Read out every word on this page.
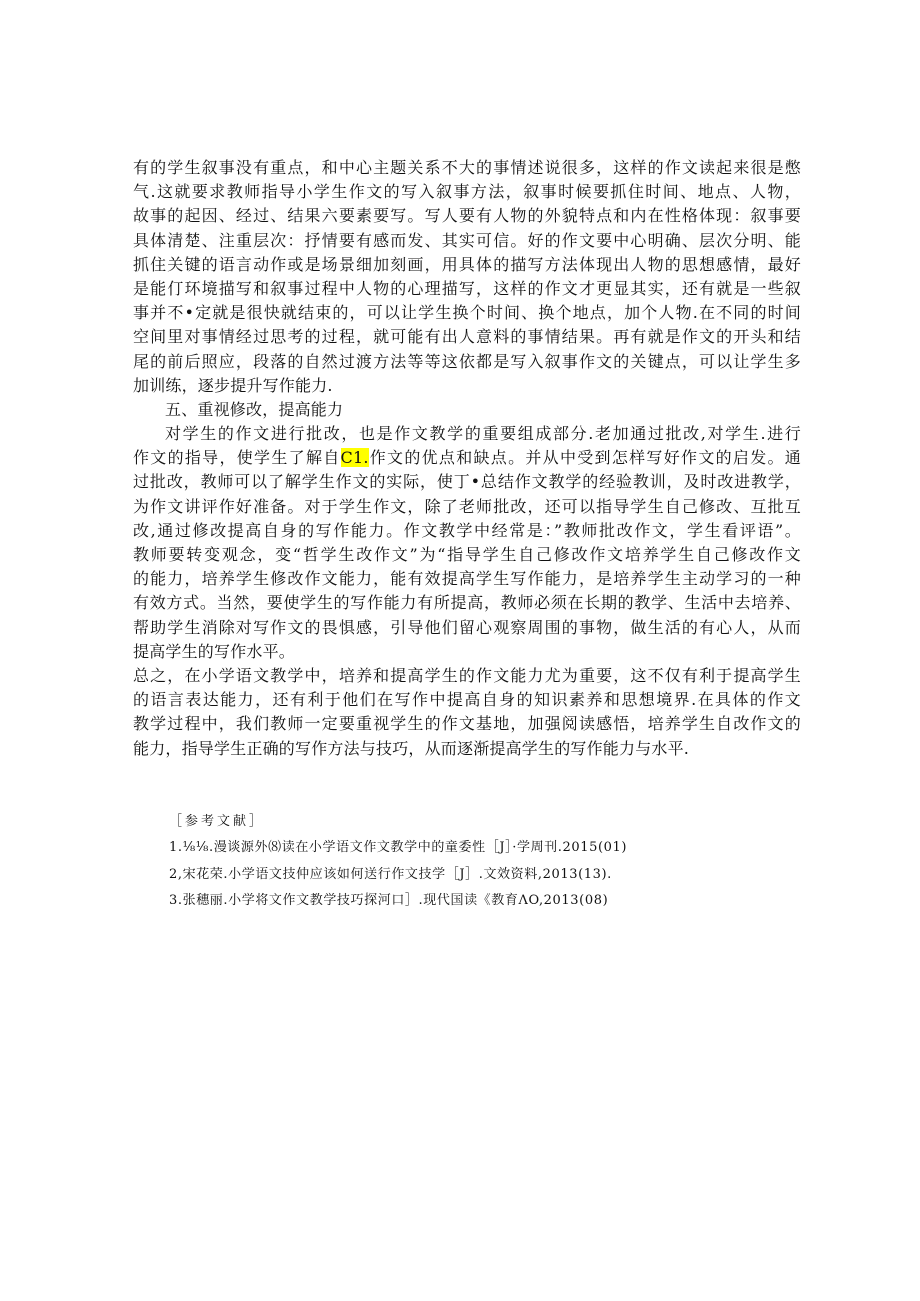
有的学生叙事没有重点，和中心主题关系不大的事情述说很多，这样的作文读起来很是憋
气.这就要求教师指导小学生作文的写入叙事方法，叙事时候要抓住时间、地点、人物，
故事的起因、经过、结果六要素要写。写人要有人物的外貌特点和内在性格体现：叙事要
具体清楚、注重层次：抒情要有感而发、其实可信。好的作文要中心明确、层次分明、能
抓住关键的语言动作或是场景细加刻画，用具体的描写方法体现出人物的思想感情，最好
是能仃环境描写和叙事过程中人物的心理描写，这样的作文才更显其实，还有就是一些叙
事并不•定就是很快就结束的，可以让学生换个时间、换个地点，加个人物.在不同的时间
空间里对事情经过思考的过程，就可能有出人意料的事情结果。再有就是作文的开头和结
尾的前后照应，段落的自然过渡方法等等这依都是写入叙事作文的关键点，可以让学生多
加训练，逐步提升写作能力.
五、重视修改，提高能力
对学生的作文进行批改，也是作文教学的重要组成部分.老加通过批改,对学生.进行
作文的指导，使学生了解自C1.作文的优点和缺点。并从中受到怎样写好作文的启发。通
过批改，教师可以了解学生作文的实际，使丁•总结作文教学的经验教训，及时改进教学，
为作文讲评作好准备。对于学生作文，除了老师批改，还可以指导学生自己修改、互批互
改,通过修改提高自身的写作能力。作文教学中经常是：”教师批改作文，学生看评语”。
教师要转变观念，变“哲学生改作文”为“指导学生自己修改作文培养学生自己修改作文
的能力，培养学生修改作文能力，能有效提高学生写作能力，是培养学生主动学习的一种
有效方式。当然，要使学生的写作能力有所提高，教师必须在长期的教学、生活中去培养、
帮助学生消除对写作文的畏惧感，引导他们留心观察周围的事物，做生活的有心人，从而
提高学生的写作水平。
总之，在小学语文教学中，培养和提高学生的作文能力尤为重要，这不仅有利于提高学生
的语言表达能力，还有利于他们在写作中提高自身的知识素养和思想境界.在具体的作文
教学过程中，我们教师一定要重视学生的作文基地，加强阅读感悟，培养学生自改作文的
能力，指导学生正确的写作方法与技巧，从而逐渐提高学生的写作能力与水平.
［参考文献］
1.⅛⅛.漫谈源外⑻读在小学语文作文教学中的童委性［J］·学周刊.2015(01)
2,宋花荣.小学语文技仲应该如何送行作文技学［J］.文效资料,2013(13).
3.张穗丽.小学将文作文教学技巧探河口］.现代国读《教育ΛO,2013(08)
